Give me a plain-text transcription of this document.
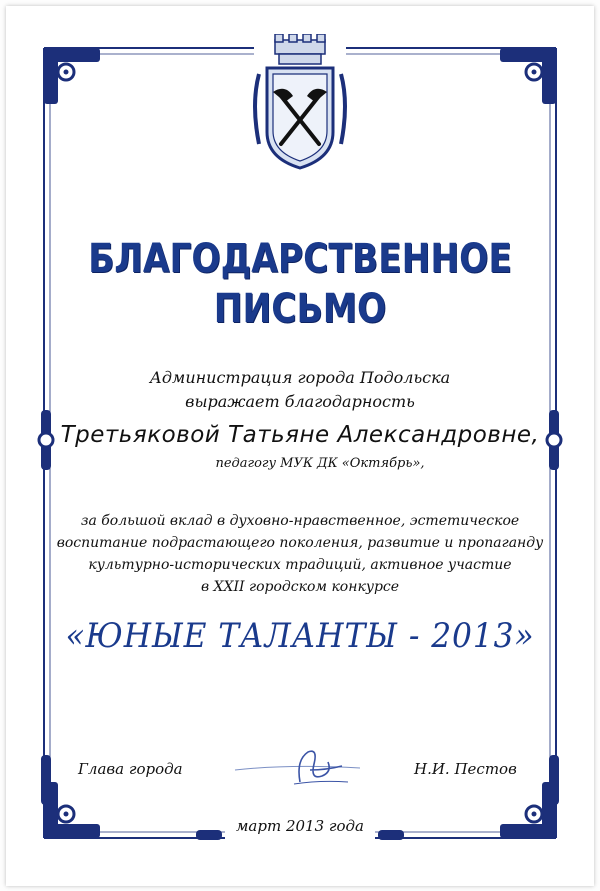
БЛАГОДАРСТВЕННОЕ
ПИСЬМО
Администрация города Подольска
выражает благодарность
Третьяковой Татьяне Александровне,
педагогу МУК ДК «Октябрь»,
за большой вклад в духовно-нравственное, эстетическое
воспитание подрастающего поколения, развитие и пропаганду
культурно-исторических традиций, активное участие
в XXII городском конкурсе
«ЮНЫЕ ТАЛАНТЫ - 2013»
Глава города	Н.И. Пестов
март 2013 года
